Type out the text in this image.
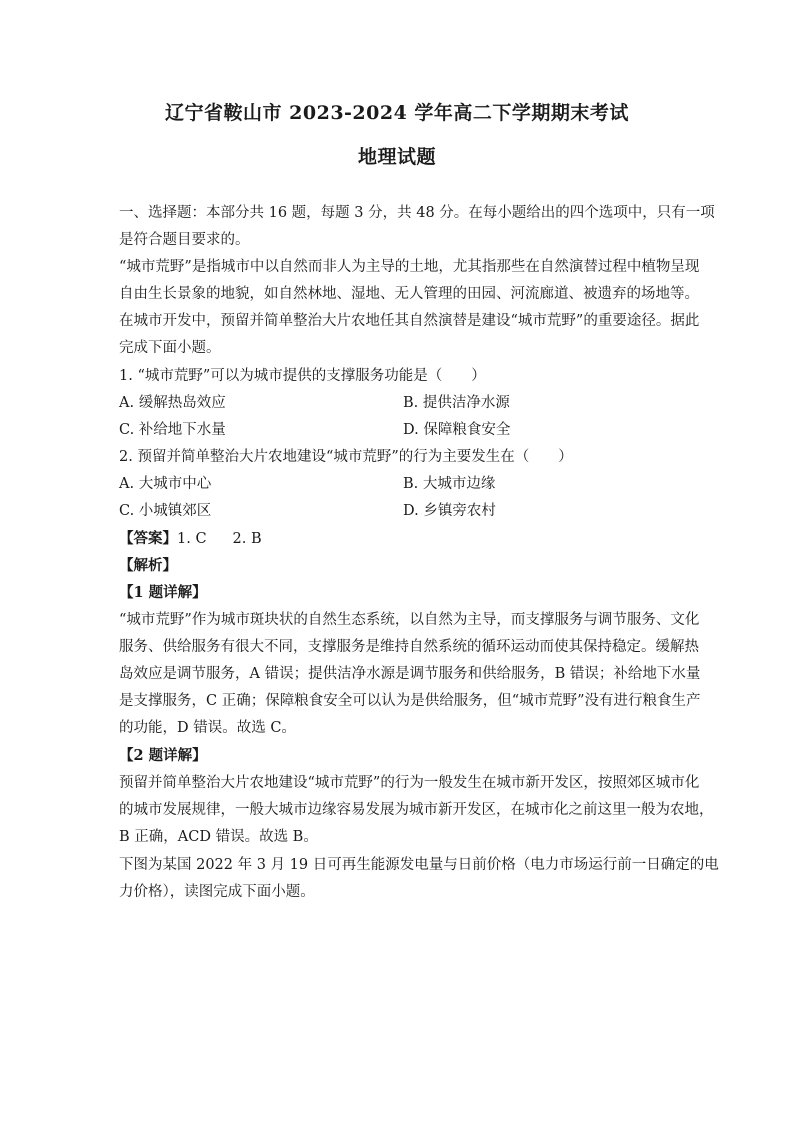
辽宁省鞍山市 2023-2024 学年高二下学期期末考试
地理试题
一、选择题：本部分共 16 题，每题 3 分，共 48 分。在每小题给出的四个选项中，只有一项
是符合题目要求的。
“城市荒野”是指城市中以自然而非人为主导的土地，尤其指那些在自然演替过程中植物呈现
自由生长景象的地貌，如自然林地、湿地、无人管理的田园、河流廊道、被遗弃的场地等。
在城市开发中，预留并简单整治大片农地任其自然演替是建设“城市荒野”的重要途径。据此
完成下面小题。
1. “城市荒野”可以为城市提供的支撑服务功能是（　　）
A. 缓解热岛效应	B. 提供洁净水源
C. 补给地下水量	D. 保障粮食安全
2. 预留并简单整治大片农地建设“城市荒野”的行为主要发生在（　　）
A. 大城市中心	B. 大城市边缘
C. 小城镇郊区	D. 乡镇旁农村
【答案】1. C 2. B
【解析】
【1 题详解】
“城市荒野”作为城市斑块状的自然生态系统，以自然为主导，而支撑服务与调节服务、文化
服务、供给服务有很大不同，支撑服务是维持自然系统的循环运动而使其保持稳定。缓解热
岛效应是调节服务，A 错误；提供洁净水源是调节服务和供给服务，B 错误；补给地下水量
是支撑服务，C 正确；保障粮食安全可以认为是供给服务，但“城市荒野”没有进行粮食生产
的功能，D 错误。故选 C。
【2 题详解】
预留并简单整治大片农地建设“城市荒野”的行为一般发生在城市新开发区，按照郊区城市化
的城市发展规律，一般大城市边缘容易发展为城市新开发区，在城市化之前这里一般为农地，
B 正确，ACD 错误。故选 B。
下图为某国 2022 年 3 月 19 日可再生能源发电量与日前价格（电力市场运行前一日确定的电
力价格），读图完成下面小题。
